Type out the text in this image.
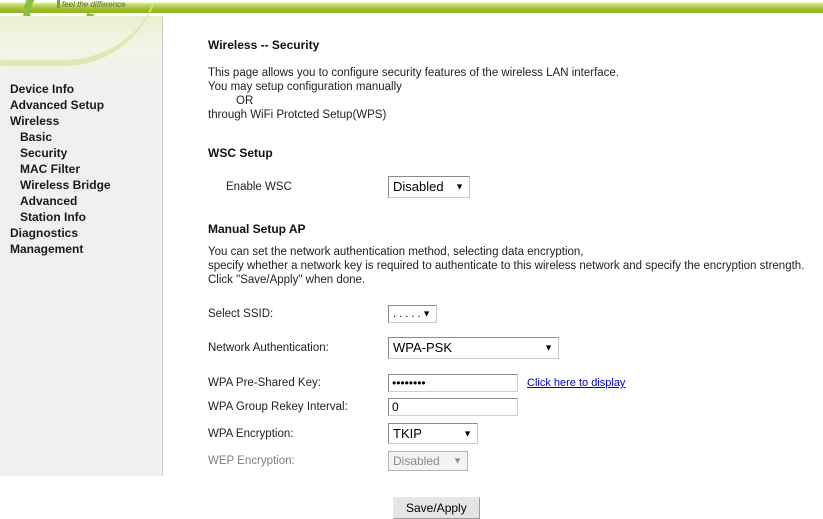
feel the difference
Device Info
Advanced Setup
Wireless
Basic
Security
MAC Filter
Wireless Bridge
Advanced
Station Info
Diagnostics
Management
Wireless -- Security

This page allows you to configure security features of the wireless LAN interface.

You may setup configuration manually

OR

through WiFi Protcted Setup(WPS)

WSC Setup
Enable WSC	Disabled ▼
Manual Setup AP

You can set the network authentication method, selecting data encryption,

specify whether a network key is required to authenticate to this wireless network and specify the encryption strength.

Click "Save/Apply" when done.

Select SSID:	. . . . . ▼
Network Authentication:	WPA-PSK	▼
WPA Pre-Shared Key:	••••••••	Click here to display
WPA Group Rekey Interval:	0
WPA Encryption:	TKIP	▼
WEP Encryption:	Disabled ▼
Save/Apply
